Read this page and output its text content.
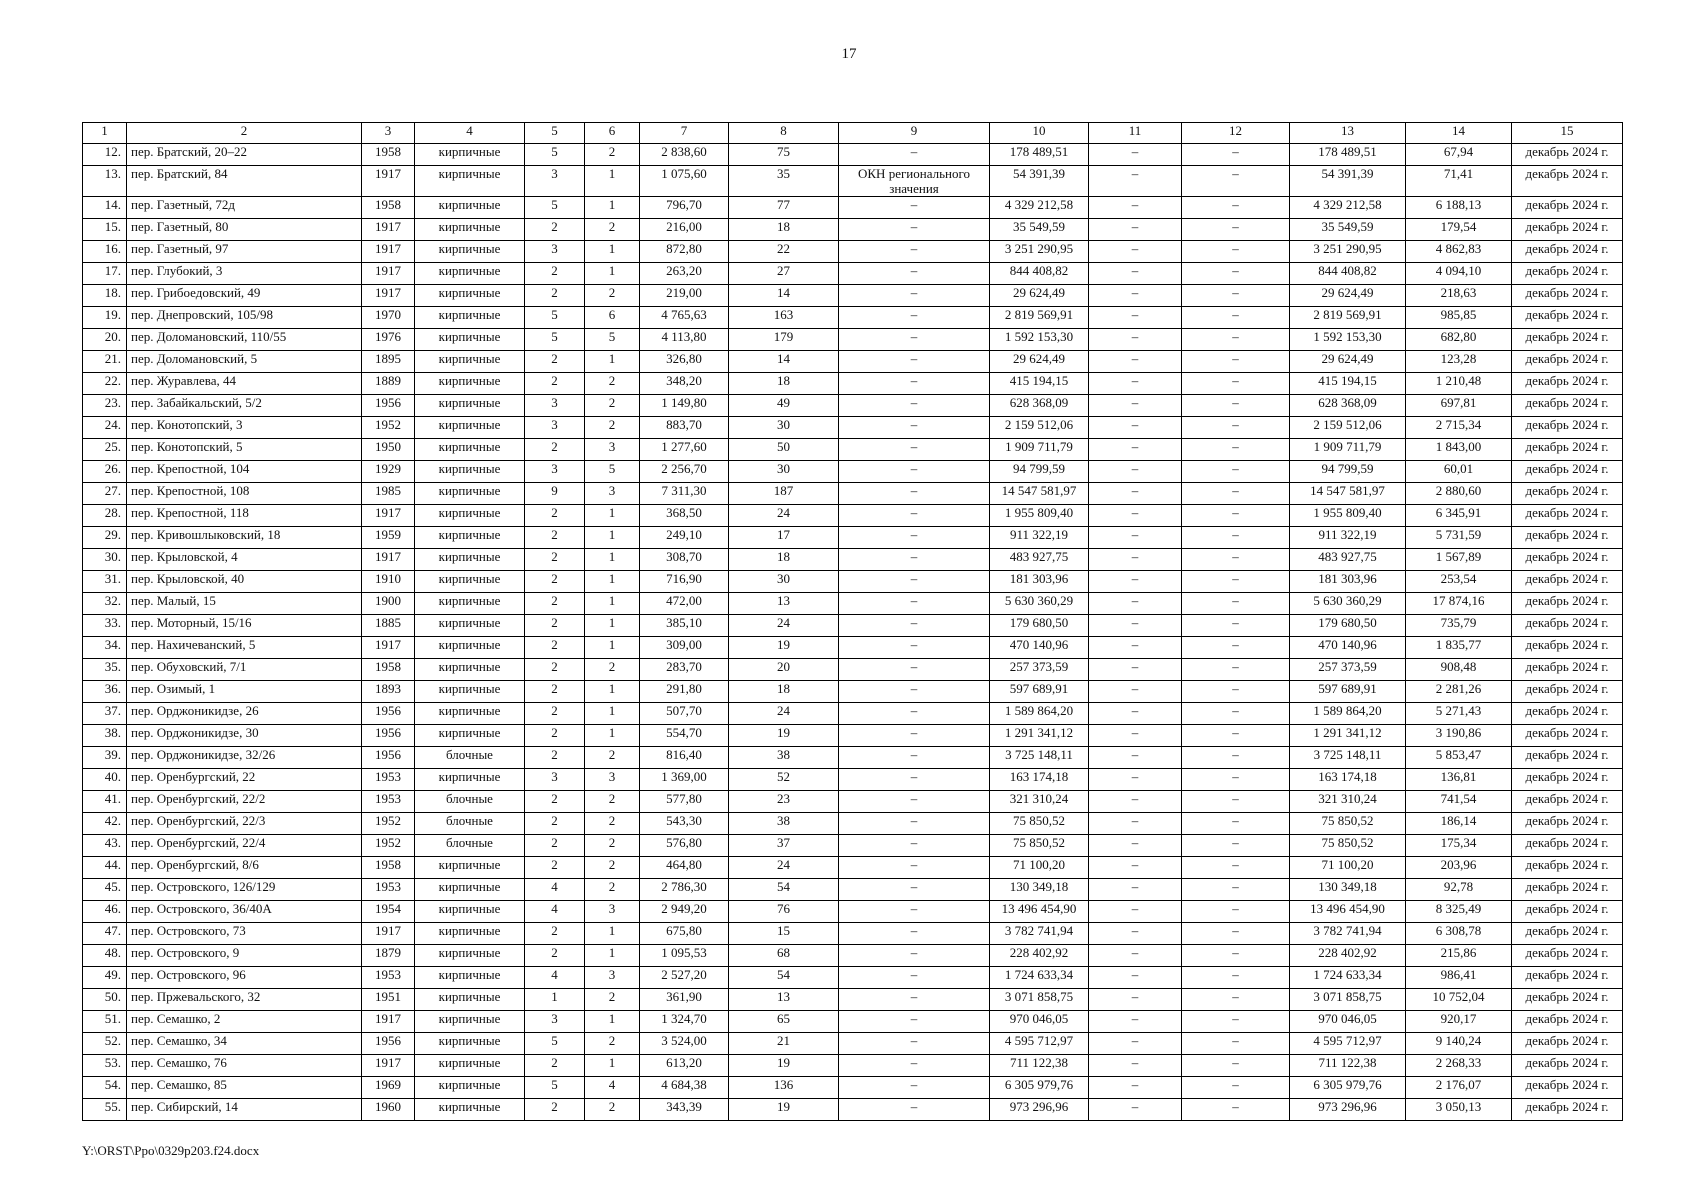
17
1	2	3	4	5	6	7	8	9	10	11	12	13	14	15
12.	пер. Братский, 20–22	1958	кирпичные	5	2	2 838,60	75	–	178 489,51	–	–	178 489,51	67,94	декабрь 2024 г.
13.	пер. Братский, 84	1917	кирпичные	3	1	1 075,60	35	ОКН регионального значения	54 391,39	–	–	54 391,39	71,41	декабрь 2024 г.
14.	пер. Газетный, 72д	1958	кирпичные	5	1	796,70	77	–	4 329 212,58	–	–	4 329 212,58	6 188,13	декабрь 2024 г.
15.	пер. Газетный, 80	1917	кирпичные	2	2	216,00	18	–	35 549,59	–	–	35 549,59	179,54	декабрь 2024 г.
16.	пер. Газетный, 97	1917	кирпичные	3	1	872,80	22	–	3 251 290,95	–	–	3 251 290,95	4 862,83	декабрь 2024 г.
17.	пер. Глубокий, 3	1917	кирпичные	2	1	263,20	27	–	844 408,82	–	–	844 408,82	4 094,10	декабрь 2024 г.
18.	пер. Грибоедовский, 49	1917	кирпичные	2	2	219,00	14	–	29 624,49	–	–	29 624,49	218,63	декабрь 2024 г.
19.	пер. Днепровский, 105/98	1970	кирпичные	5	6	4 765,63	163	–	2 819 569,91	–	–	2 819 569,91	985,85	декабрь 2024 г.
20.	пер. Доломановский, 110/55	1976	кирпичные	5	5	4 113,80	179	–	1 592 153,30	–	–	1 592 153,30	682,80	декабрь 2024 г.
21.	пер. Доломановский, 5	1895	кирпичные	2	1	326,80	14	–	29 624,49	–	–	29 624,49	123,28	декабрь 2024 г.
22.	пер. Журавлева, 44	1889	кирпичные	2	2	348,20	18	–	415 194,15	–	–	415 194,15	1 210,48	декабрь 2024 г.
23.	пер. Забайкальский, 5/2	1956	кирпичные	3	2	1 149,80	49	–	628 368,09	–	–	628 368,09	697,81	декабрь 2024 г.
24.	пер. Конотопский, 3	1952	кирпичные	3	2	883,70	30	–	2 159 512,06	–	–	2 159 512,06	2 715,34	декабрь 2024 г.
25.	пер. Конотопский, 5	1950	кирпичные	2	3	1 277,60	50	–	1 909 711,79	–	–	1 909 711,79	1 843,00	декабрь 2024 г.
26.	пер. Крепостной, 104	1929	кирпичные	3	5	2 256,70	30	–	94 799,59	–	–	94 799,59	60,01	декабрь 2024 г.
27.	пер. Крепостной, 108	1985	кирпичные	9	3	7 311,30	187	–	14 547 581,97	–	–	14 547 581,97	2 880,60	декабрь 2024 г.
28.	пер. Крепостной, 118	1917	кирпичные	2	1	368,50	24	–	1 955 809,40	–	–	1 955 809,40	6 345,91	декабрь 2024 г.
29.	пер. Кривошлыковский, 18	1959	кирпичные	2	1	249,10	17	–	911 322,19	–	–	911 322,19	5 731,59	декабрь 2024 г.
30.	пер. Крыловской, 4	1917	кирпичные	2	1	308,70	18	–	483 927,75	–	–	483 927,75	1 567,89	декабрь 2024 г.
31.	пер. Крыловской, 40	1910	кирпичные	2	1	716,90	30	–	181 303,96	–	–	181 303,96	253,54	декабрь 2024 г.
32.	пер. Малый, 15	1900	кирпичные	2	1	472,00	13	–	5 630 360,29	–	–	5 630 360,29	17 874,16	декабрь 2024 г.
33.	пер. Моторный, 15/16	1885	кирпичные	2	1	385,10	24	–	179 680,50	–	–	179 680,50	735,79	декабрь 2024 г.
34.	пер. Нахичеванский, 5	1917	кирпичные	2	1	309,00	19	–	470 140,96	–	–	470 140,96	1 835,77	декабрь 2024 г.
35.	пер. Обуховский, 7/1	1958	кирпичные	2	2	283,70	20	–	257 373,59	–	–	257 373,59	908,48	декабрь 2024 г.
36.	пер. Озимый, 1	1893	кирпичные	2	1	291,80	18	–	597 689,91	–	–	597 689,91	2 281,26	декабрь 2024 г.
37.	пер. Орджоникидзе, 26	1956	кирпичные	2	1	507,70	24	–	1 589 864,20	–	–	1 589 864,20	5 271,43	декабрь 2024 г.
38.	пер. Орджоникидзе, 30	1956	кирпичные	2	1	554,70	19	–	1 291 341,12	–	–	1 291 341,12	3 190,86	декабрь 2024 г.
39.	пер. Орджоникидзе, 32/26	1956	блочные	2	2	816,40	38	–	3 725 148,11	–	–	3 725 148,11	5 853,47	декабрь 2024 г.
40.	пер. Оренбургский, 22	1953	кирпичные	3	3	1 369,00	52	–	163 174,18	–	–	163 174,18	136,81	декабрь 2024 г.
41.	пер. Оренбургский, 22/2	1953	блочные	2	2	577,80	23	–	321 310,24	–	–	321 310,24	741,54	декабрь 2024 г.
42.	пер. Оренбургский, 22/3	1952	блочные	2	2	543,30	38	–	75 850,52	–	–	75 850,52	186,14	декабрь 2024 г.
43.	пер. Оренбургский, 22/4	1952	блочные	2	2	576,80	37	–	75 850,52	–	–	75 850,52	175,34	декабрь 2024 г.
44.	пер. Оренбургский, 8/6	1958	кирпичные	2	2	464,80	24	–	71 100,20	–	–	71 100,20	203,96	декабрь 2024 г.
45.	пер. Островского, 126/129	1953	кирпичные	4	2	2 786,30	54	–	130 349,18	–	–	130 349,18	92,78	декабрь 2024 г.
46.	пер. Островского, 36/40А	1954	кирпичные	4	3	2 949,20	76	–	13 496 454,90	–	–	13 496 454,90	8 325,49	декабрь 2024 г.
47.	пер. Островского, 73	1917	кирпичные	2	1	675,80	15	–	3 782 741,94	–	–	3 782 741,94	6 308,78	декабрь 2024 г.
48.	пер. Островского, 9	1879	кирпичные	2	1	1 095,53	68	–	228 402,92	–	–	228 402,92	215,86	декабрь 2024 г.
49.	пер. Островского, 96	1953	кирпичные	4	3	2 527,20	54	–	1 724 633,34	–	–	1 724 633,34	986,41	декабрь 2024 г.
50.	пер. Пржевальского, 32	1951	кирпичные	1	2	361,90	13	–	3 071 858,75	–	–	3 071 858,75	10 752,04	декабрь 2024 г.
51.	пер. Семашко, 2	1917	кирпичные	3	1	1 324,70	65	–	970 046,05	–	–	970 046,05	920,17	декабрь 2024 г.
52.	пер. Семашко, 34	1956	кирпичные	5	2	3 524,00	21	–	4 595 712,97	–	–	4 595 712,97	9 140,24	декабрь 2024 г.
53.	пер. Семашко, 76	1917	кирпичные	2	1	613,20	19	–	711 122,38	–	–	711 122,38	2 268,33	декабрь 2024 г.
54.	пер. Семашко, 85	1969	кирпичные	5	4	4 684,38	136	–	6 305 979,76	–	–	6 305 979,76	2 176,07	декабрь 2024 г.
55.	пер. Сибирский, 14	1960	кирпичные	2	2	343,39	19	–	973 296,96	–	–	973 296,96	3 050,13	декабрь 2024 г.
Y:\ORST\Ppo\0329p203.f24.docx
